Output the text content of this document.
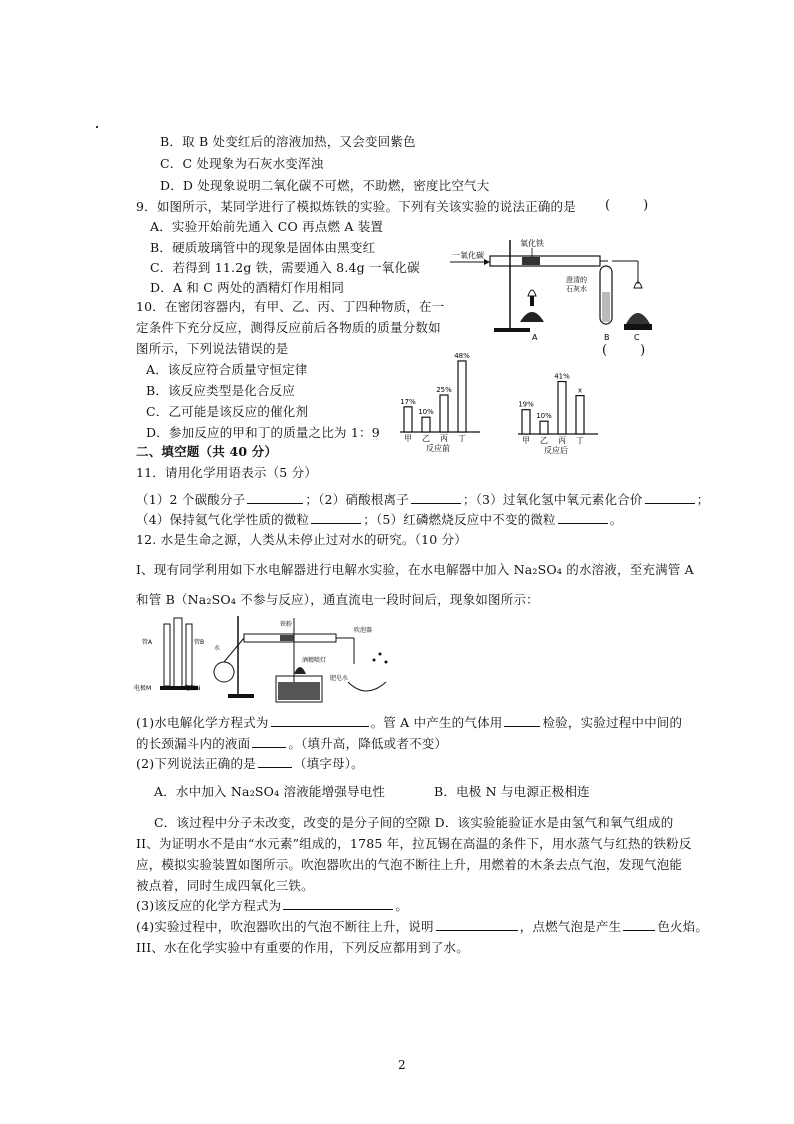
B．取 B 处变红后的溶液加热，又会变回紫色
C．C 处现象为石灰水变浑浊
D．D 处现象说明二氧化碳不可燃，不助燃，密度比空气大
9．如图所示，某同学进行了模拟炼铁的实验。下列有关该实验的说法正确的是 (        )
A．实验开始前先通入 CO 再点燃 A 装置
B．硬质玻璃管中的现象是固体由黑变红
C．若得到 11.2g 铁，需要通入 8.4g 一氧化碳
D．A 和 C 两处的酒精灯作用相同
一氧化碳
氧化铁
A
澄清的
石灰水
B	C
10．在密闭容器内，有甲、乙、丙、丁四种物质，在一
定条件下充分反应，测得反应前后各物质的质量分数如
图所示，下列说法错误的是	(        )
A．该反应符合质量守恒定律
B．该反应类型是化合反应
C．乙可能是该反应的催化剂
D．参加反应的甲和丁的质量之比为 1：9
17%
甲
10%
乙
25%
丙
48%
丁
反应前
19%
甲
10%
乙
41%
丙
x
丁
反应后
二、填空题（共 40 分）
11．请用化学用语表示（5 分）
（1）2 个碳酸分子	；（2）硝酸根离子	；（3）过氧化氢中氧元素化合价	；
（4）保持氦气化学性质的微粒	；（5）红磷燃烧反应中不变的微粒	。
12. 水是生命之源，人类从未停止过对水的研究。（10 分）
I、现有同学利用如下水电解器进行电解水实验，在水电解器中加入 Na₂SO₄ 的水溶液，至充满管 A
和管 B（Na₂SO₄ 不参与反应），通直流电一段时间后，现象如图所示：
管A	管B
电极M	电极N
水
铁粉
酒精喷灯
吹泡器
肥皂水
(1)水电解化学方程式为	。管 A 中产生的气体用	检验，实验过程中中间的
的长颈漏斗内的液面	。（填升高，降低或者不变）
(2)下列说法正确的是	（填字母）。
A．水中加入 Na₂SO₄ 溶液能增强导电性	B．电极 N 与电源正极相连
C．该过程中分子未改变，改变的是分子间的空隙 D．该实验能验证水是由氢气和氧气组成的
II、为证明水不是由“水元素”组成的，1785 年，拉瓦锡在高温的条件下，用水蒸气与红热的铁粉反
应，模拟实验装置如图所示。吹泡器吹出的气泡不断往上升，用燃着的木条去点气泡，发现气泡能
被点着，同时生成四氧化三铁。
(3)该反应的化学方程式为	。
(4)实验过程中，吹泡器吹出的气泡不断往上升，说明	，点燃气泡是产生	色火焰。
III、水在化学实验中有重要的作用，下列反应都用到了水。
2
